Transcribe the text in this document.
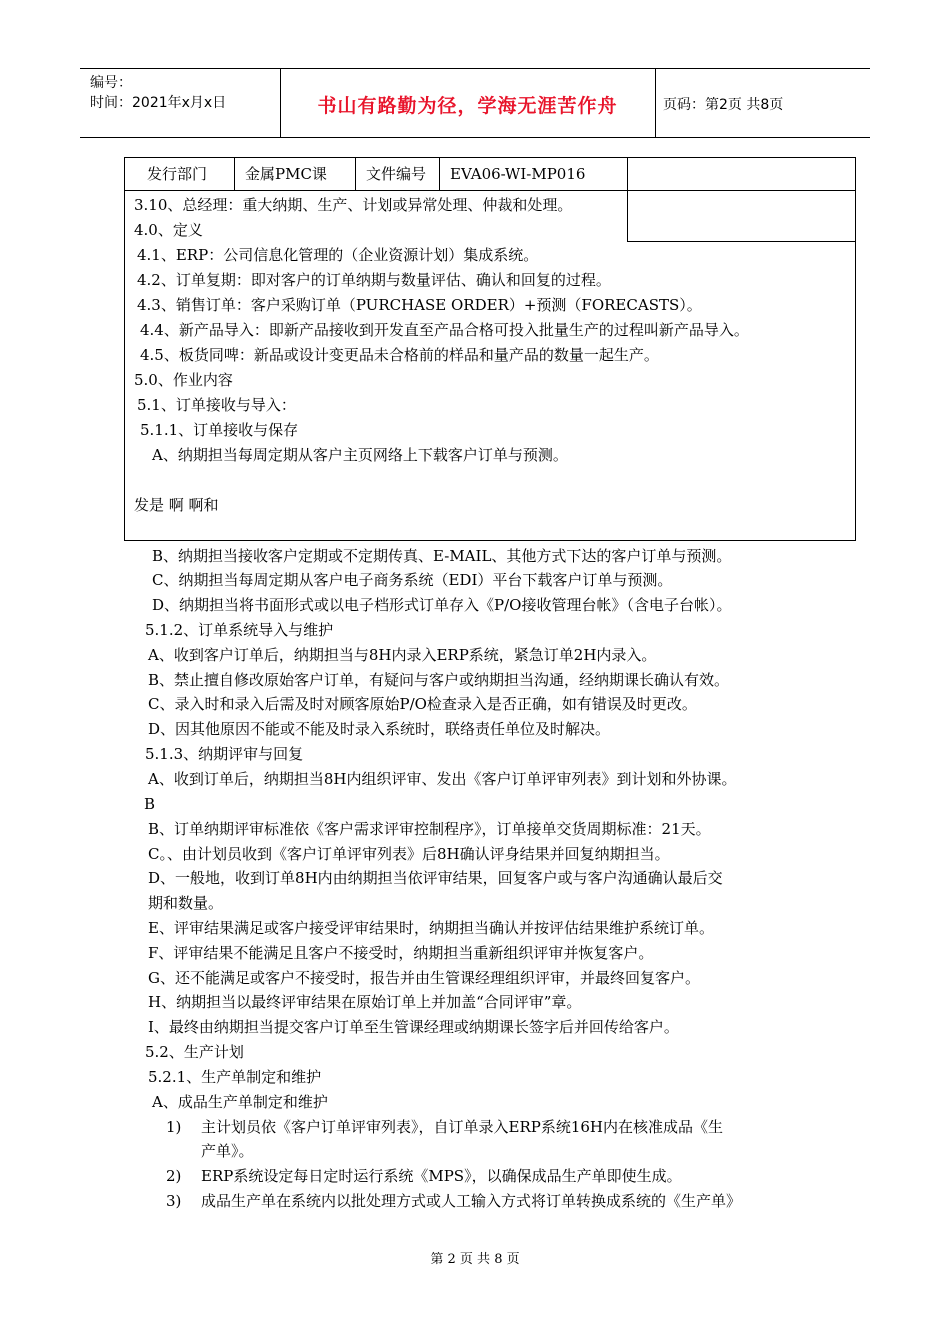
编号：
时间：2021年x月x日	书山有路勤为径，学海无涯苦作舟	页码：第2页 共8页
发行部门	金属PMC课	文件编号	EVA06-WI-MP016
3.10、总经理：重大纳期、生产、计划或异常处理、仲裁和处理。
4.0、定义
4.1、ERP：公司信息化管理的（企业资源计划）集成系统。
4.2、订单复期：即对客户的订单纳期与数量评估、确认和回复的过程。
4.3、销售订单：客户采购订单（PURCHASE ORDER）+预测（FORECASTS）。
4.4、新产品导入：即新产品接收到开发直至产品合格可投入批量生产的过程叫新产品导入。
4.5、板货同啤：新品或设计变更品未合格前的样品和量产品的数量一起生产。
5.0、作业内容
5.1、订单接收与导入：
5.1.1、订单接收与保存
A、纳期担当每周定期从客户主页网络上下载客户订单与预测。
发是 啊 啊和
B、纳期担当接收客户定期或不定期传真、E-MAIL、其他方式下达的客户订单与预测。
C、纳期担当每周定期从客户电子商务系统（EDI）平台下载客户订单与预测。
D、纳期担当将书面形式或以电子档形式订单存入《P/O接收管理台帐》（含电子台帐）。
5.1.2、订单系统导入与维护
A、收到客户订单后，纳期担当与8H内录入ERP系统，紧急订单2H内录入。
B、禁止擅自修改原始客户订单，有疑问与客户或纳期担当沟通，经纳期课长确认有效。
C、录入时和录入后需及时对顾客原始P/O检查录入是否正确，如有错误及时更改。
D、因其他原因不能或不能及时录入系统时，联络责任单位及时解决。
5.1.3、纳期评审与回复
A、收到订单后，纳期担当8H内组织评审、发出《客户订单评审列表》到计划和外协课。
B
B、订单纳期评审标准依《客户需求评审控制程序》，订单接单交货周期标准：21天。
C。、由计划员收到《客户订单评审列表》后8H确认评身结果并回复纳期担当。
D、一般地，收到订单8H内由纳期担当依评审结果，回复客户或与客户沟通确认最后交
期和数量。
E、评审结果满足或客户接受评审结果时，纳期担当确认并按评估结果维护系统订单。
F、评审结果不能满足且客户不接受时，纳期担当重新组织评审并恢复客户。
G、还不能满足或客户不接受时，报告并由生管课经理组织评审，并最终回复客户。
H、纳期担当以最终评审结果在原始订单上并加盖“合同评审”章。
I、最终由纳期担当提交客户订单至生管课经理或纳期课长签字后并回传给客户。
5.2、生产计划
5.2.1、生产单制定和维护
A、成品生产单制定和维护
1) 主计划员依《客户订单评审列表》，自订单录入ERP系统16H内在核准成品《生
产单》。
2) ERP系统设定每日定时运行系统《MPS》，以确保成品生产单即使生成。
3) 成品生产单在系统内以批处理方式或人工输入方式将订单转换成系统的《生产单》
第 2 页 共 8 页
